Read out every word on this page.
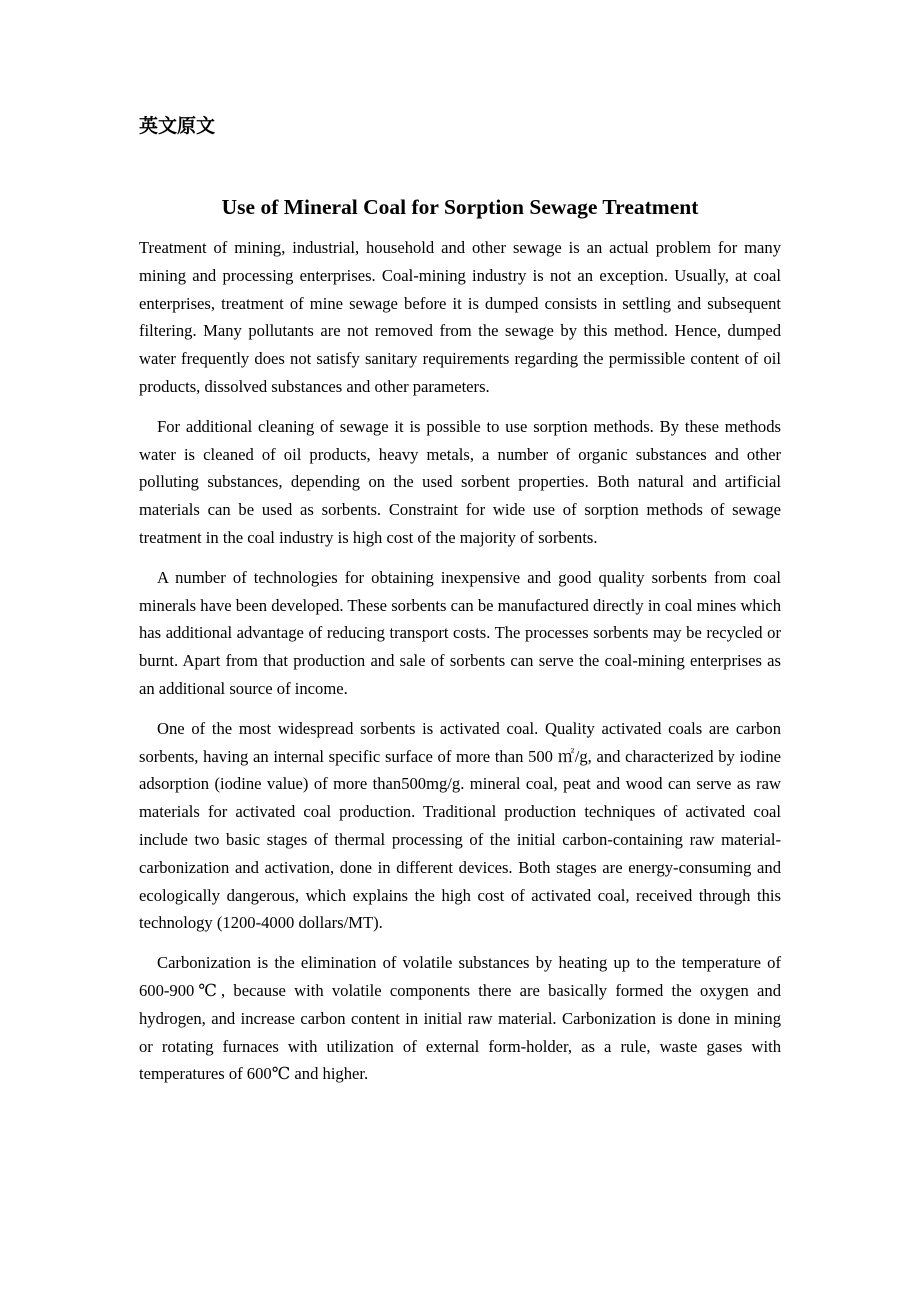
英文原文
Use of Mineral Coal for Sorption Sewage Treatment

Treatment of mining, industrial, household and other sewage is an actual problem for many mining and processing enterprises. Coal-mining industry is not an exception. Usually, at coal enterprises, treatment of mine sewage before it is dumped consists in settling and subsequent filtering. Many pollutants are not removed from the sewage by this method. Hence, dumped water frequently does not satisfy sanitary requirements regarding the permissible content of oil products, dissolved substances and other parameters.

For additional cleaning of sewage it is possible to use sorption methods. By these methods water is cleaned of oil products, heavy metals, a number of organic substances and other polluting substances, depending on the used sorbent properties. Both natural and artificial materials can be used as sorbents. Constraint for wide use of sorption methods of sewage treatment in the coal industry is high cost of the majority of sorbents.

A number of technologies for obtaining inexpensive and good quality sorbents from coal minerals have been developed. These sorbents can be manufactured directly in coal mines which has additional advantage of reducing transport costs. The processes sorbents may be recycled or burnt. Apart from that production and sale of sorbents can serve the coal-mining enterprises as an additional source of income.

One of the most widespread sorbents is activated coal. Quality activated coals are carbon sorbents, having an internal specific surface of more than 500 ㎡/g, and characterized by iodine adsorption (iodine value) of more than500mg/g. mineral coal, peat and wood can serve as raw materials for activated coal production. Traditional production techniques of activated coal include two basic stages of thermal processing of the initial carbon-containing raw material-carbonization and activation, done in different devices. Both stages are energy-consuming and ecologically dangerous, which explains the high cost of activated coal, received through this technology (1200-4000 dollars/MT).

Carbonization is the elimination of volatile substances by heating up to the temperature of 600-900℃, because with volatile components there are basically formed the oxygen and hydrogen, and increase carbon content in initial raw material. Carbonization is done in mining or rotating furnaces with utilization of external form-holder, as a rule, waste gases with temperatures of 600℃ and higher.
